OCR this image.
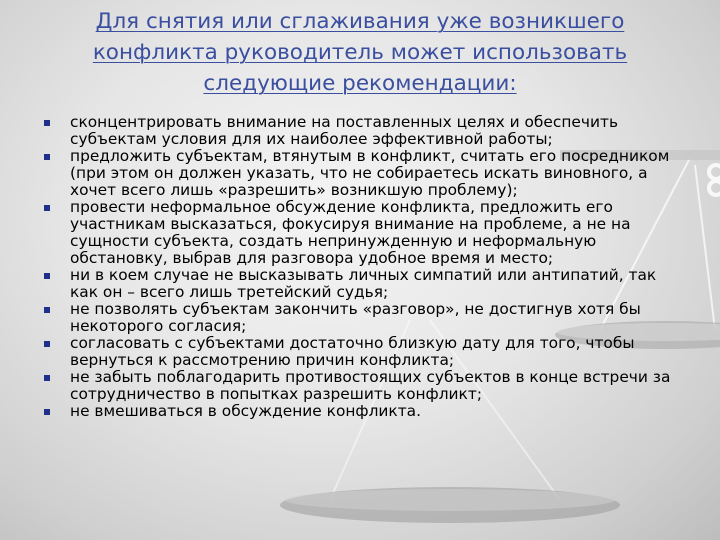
Для снятия или сглаживания уже возникшего
конфликта руководитель может использовать
следующие рекомендации:
сконцентрировать внимание на поставленных целях и обеспечить
субъектам условия для их наиболее эффективной работы;
предложить субъектам, втянутым в конфликт, считать его посредником
(при этом он должен указать, что не собираетесь искать виновного, а
хочет всего лишь «разрешить» возникшую проблему);
провести неформальное обсуждение конфликта, предложить его
участникам высказаться, фокусируя внимание на проблеме, а не на
сущности субъекта, создать непринужденную и неформальную
обстановку, выбрав для разговора удобное время и место;
ни в коем случае не высказывать личных симпатий или антипатий, так
как он – всего лишь третейский судья;
не позволять субъектам закончить «разговор», не достигнув хотя бы
некоторого согласия;
согласовать с субъектами достаточно близкую дату для того, чтобы
вернуться к рассмотрению причин конфликта;
не забыть поблагодарить противостоящих субъектов в конце встречи за
сотрудничество в попытках разрешить конфликт;
не вмешиваться в обсуждение конфликта.
